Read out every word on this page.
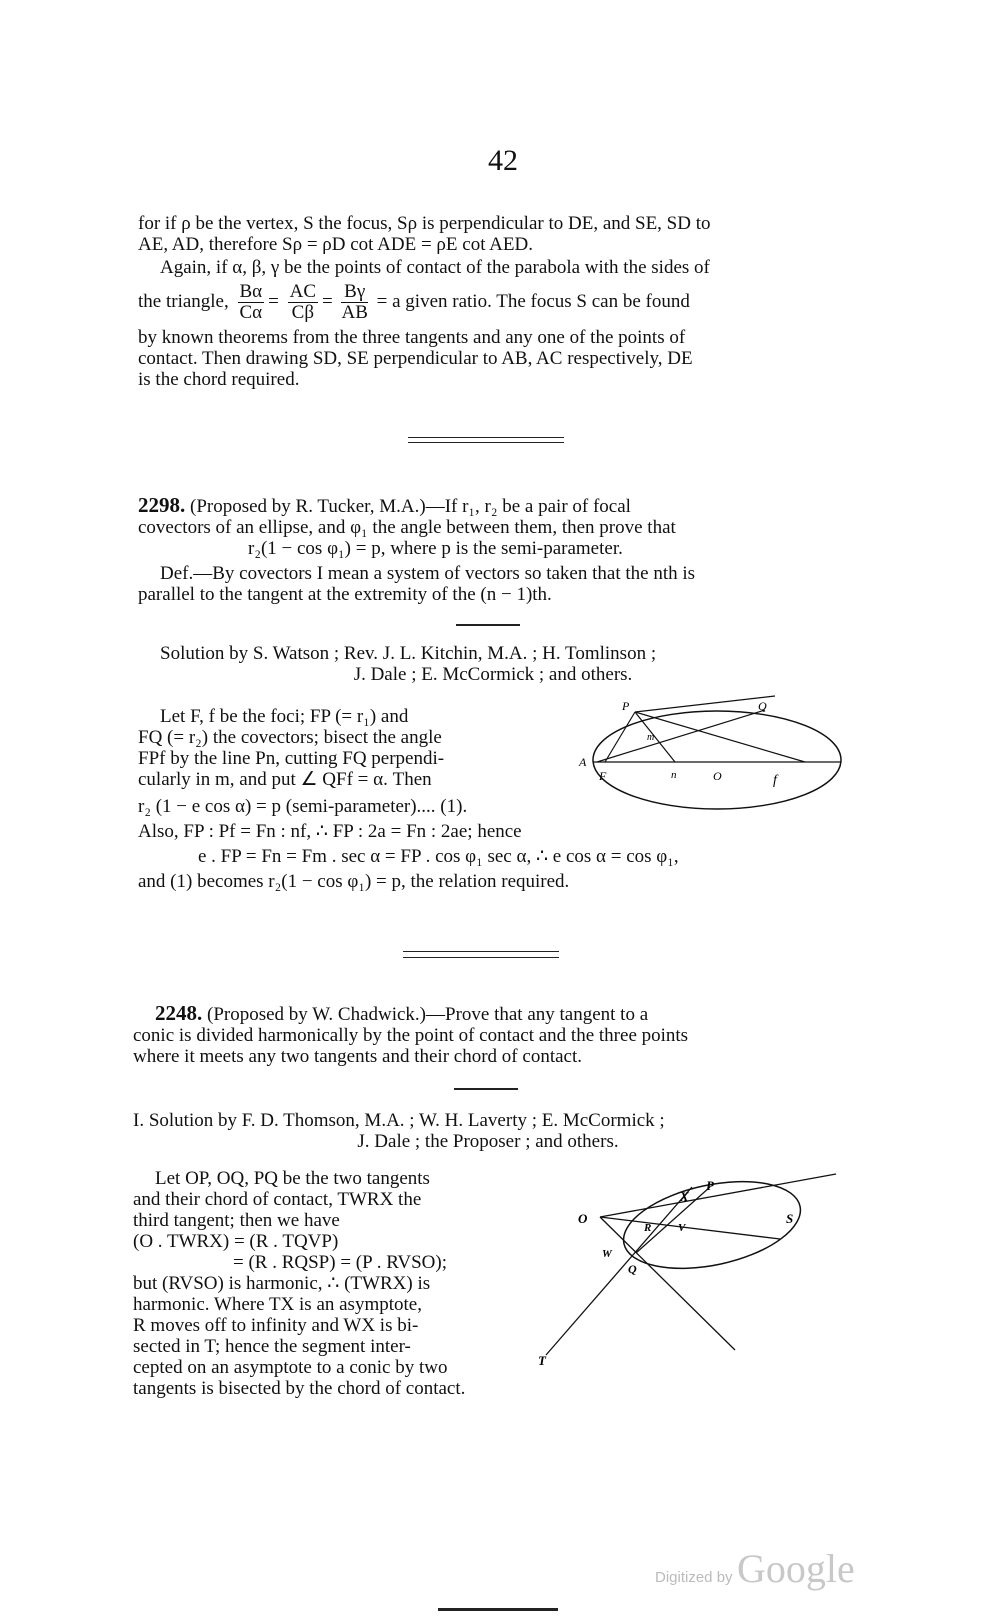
42
for if ρ be the vertex, S the focus, Sρ is perpendicular to DE, and SE, SD to
AE, AD, therefore Sρ = ρD cot ADE = ρE cot AED.
Again, if α, β, γ be the points of contact of the parabola with the sides of
the triangle, $\frac{B\alpha}{C\alpha} = \frac{AC}{C\beta} = \frac{B\gamma}{AB} = a$ given ratio. The focus S can be found
by known theorems from the three tangents and any one of the points of
contact. Then drawing SD, SE perpendicular to AB, AC respectively, DE
is the chord required.
2298. (Proposed by R. Tucker, M.A.)—If r₁, r₂ be a pair of focal
covectors of an ellipse, and φ₁ the angle between them, then prove that
r₂(1 − cos φ₁) = p, where p is the semi-parameter.
Def.—By covectors I mean a system of vectors so taken that the nth is
parallel to the tangent at the extremity of the (n − 1)th.
Solution by S. Watson ; Rev. J. L. Kitchin, M.A. ; H. Tomlinson ;
J. Dale ; E. McCormick ; and others.
Let F, f be the foci; FP (= r₁) and
FQ (= r₂) the covectors; bisect the angle
FPf by the line Pn, cutting FQ perpendi-
cularly in m, and put ∠ QFf = α. Then
r₂ (1 − e cos α) = p (semi-parameter).... (1).
Also, FP : Pf = Fn : nf, ∴ FP : 2a = Fn : 2ae; hence
e . FP = Fn = Fm . sec α = FP . cos φ₁ sec α, ∴ e cos α = cos φ₁,
and (1) becomes r₂(1 − cos φ₁) = p, the relation required.
P	Q
A
F
m
n	O	f
2248. (Proposed by W. Chadwick.)—Prove that any tangent to a
conic is divided harmonically by the point of contact and the three points
where it meets any two tangents and their chord of contact.
I. Solution by F. D. Thomson, M.A. ; W. H. Laverty ; E. McCormick ;
J. Dale ; the Proposer ; and others.
Let OP, OQ, PQ be the two tangents
and their chord of contact, TWRX the
third tangent; then we have
(O . TWRX) = (R . TQVP)
= (R . RQSP) = (P . RVSO);
but (RVSO) is harmonic, ∴ (TWRX) is
harmonic. Where TX is an asymptote,
R moves off to infinity and WX is bi-
sected in T; hence the segment inter-
cepted on an asymptote to a conic by two
tangents is bisected by the chord of contact.
O
X
P
R V
S
W
Q
T
Digitized by Google
